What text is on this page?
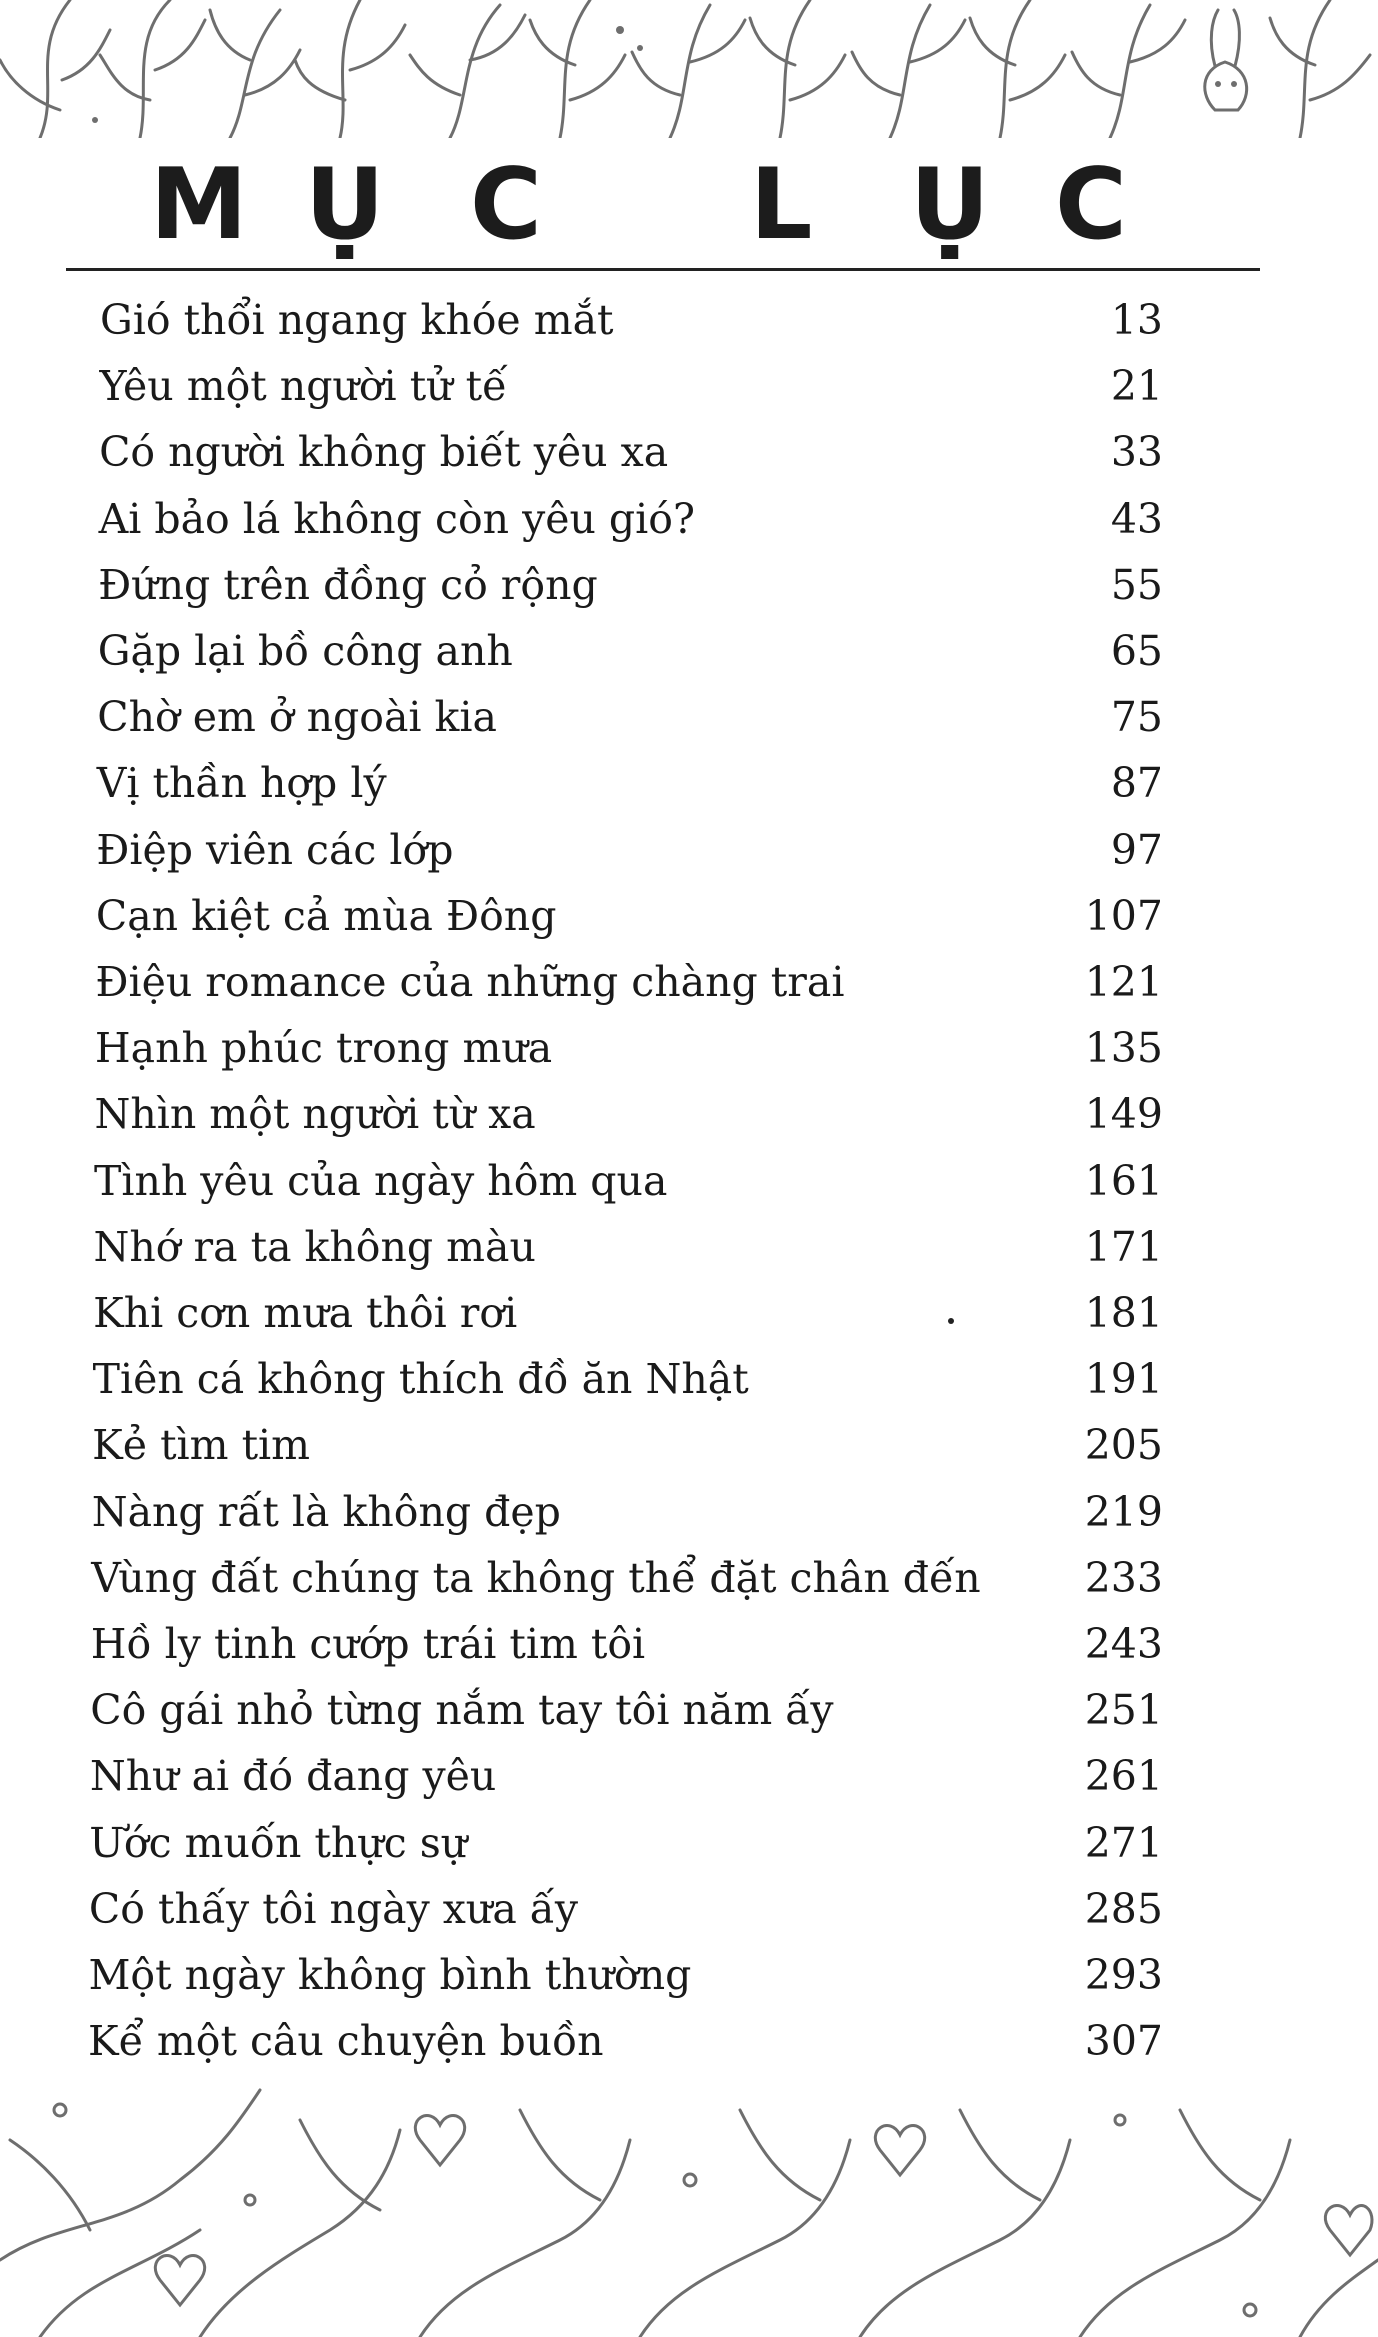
M Ụ C L Ụ C
Gió thổi ngang khóe mắt	13
Yêu một người tử tế	21
Có người không biết yêu xa	33
Ai bảo lá không còn yêu gió?	43
Đứng trên đồng cỏ rộng	55
Gặp lại bồ công anh	65
Chờ em ở ngoài kia	75
Vị thần hợp lý	87
Điệp viên các lớp	97
Cạn kiệt cả mùa Đông	107
Điệu romance của những chàng trai	121
Hạnh phúc trong mưa	135
Nhìn một người từ xa	149
Tình yêu của ngày hôm qua	161
Nhớ ra ta không màu	171
Khi cơn mưa thôi rơi	181
Tiên cá không thích đồ ăn Nhật	191
Kẻ tìm tim	205
Nàng rất là không đẹp	219
Vùng đất chúng ta không thể đặt chân đến	233
Hồ ly tinh cướp trái tim tôi	243
Cô gái nhỏ từng nắm tay tôi năm ấy	251
Như ai đó đang yêu	261
Ước muốn thực sự	271
Có thấy tôi ngày xưa ấy	285
Một ngày không bình thường	293
Kể một câu chuyện buồn	307
